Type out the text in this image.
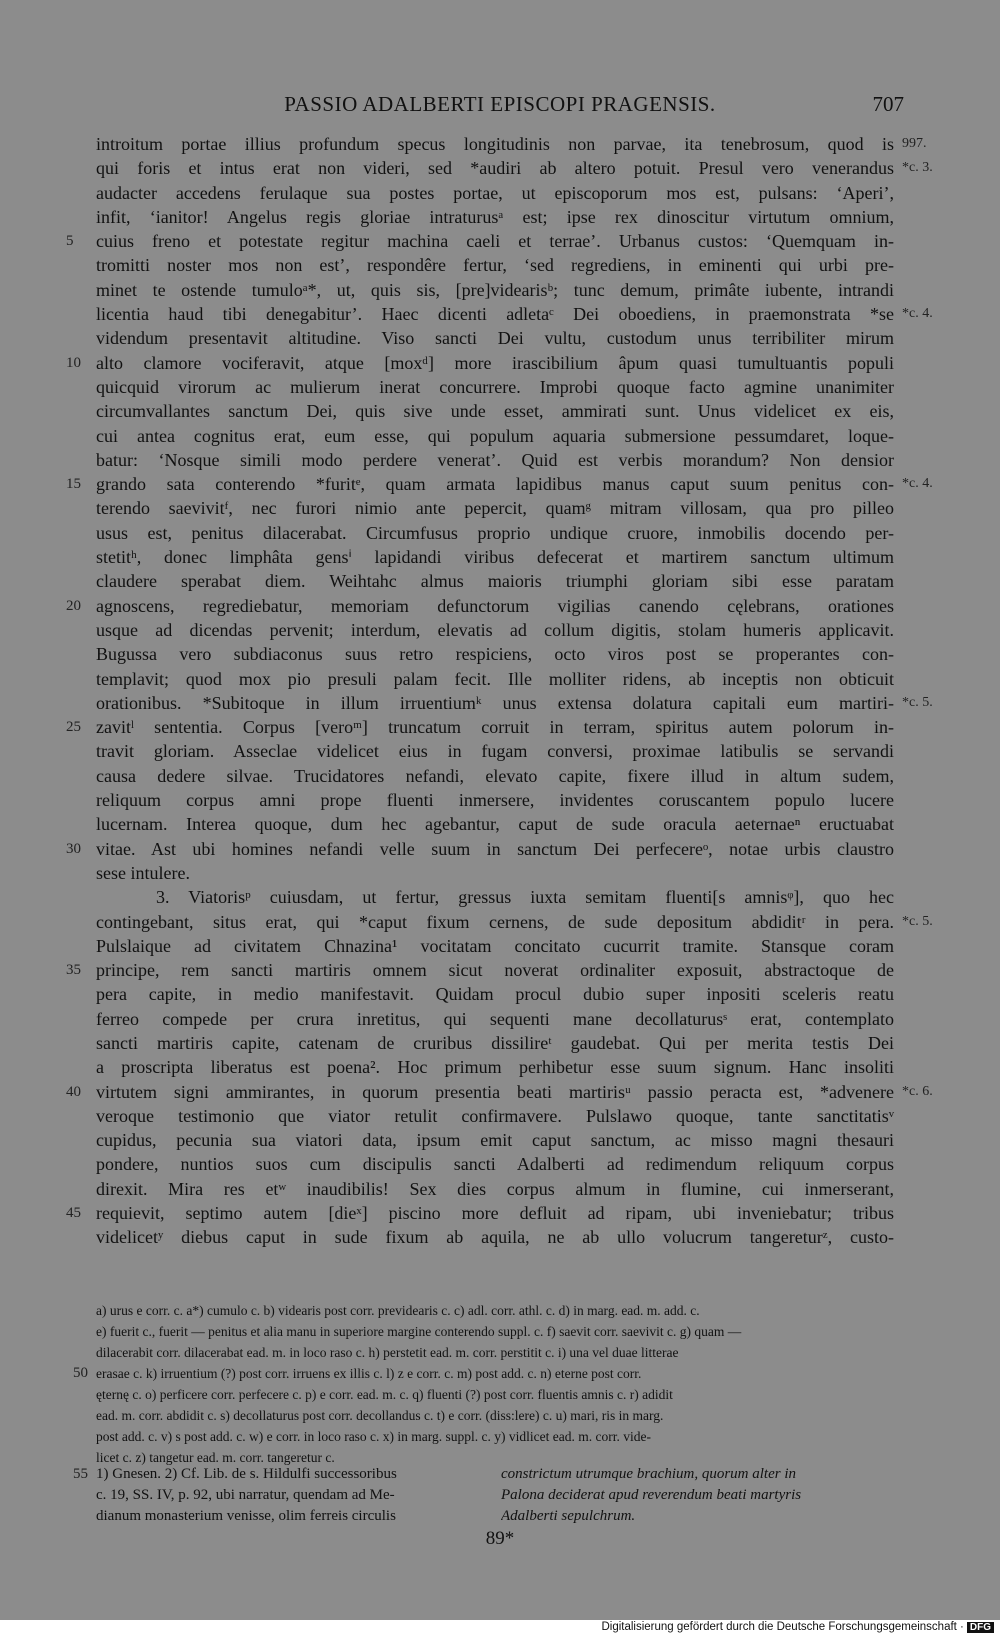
PASSIO ADALBERTI EPISCOPI PRAGENSIS.	707
introitum portae illius profundum specus longitudinis non parvae, ita tenebrosum, quod is 997.
qui foris et intus erat non videri, sed *audiri ab altero potuit. Presul vero venerandus *c. 3.
audacter accedens ferulaque sua postes portae, ut episcoporum mos est, pulsans: ‘Aperi’,
infit, ‘ianitor! Angelus regis gloriae intraturusᵃ est; ipse rex dinoscitur virtutum omnium,
5	cuius freno et potestate regitur machina caeli et terrae’. Urbanus custos: ‘Quemquam in-
tromitti noster mos non est’, respondêre fertur, ‘sed regrediens, in eminenti qui urbi pre-
minet te ostende tumuloᵃ*, ut, quis sis, [pre]videarisᵇ; tunc demum, primâte iubente, intrandi
licentia haud tibi denegabitur’. Haec dicenti adletaᶜ Dei oboediens, in praemonstrata *se *c. 4.
videndum presentavit altitudine. Viso sancti Dei vultu, custodum unus terribiliter mirum
10 alto clamore vociferavit, atque [moxᵈ] more irascibilium âpum quasi tumultuantis populi
quicquid virorum ac mulierum inerat concurrere. Improbi quoque facto agmine unanimiter
circumvallantes sanctum Dei, quis sive unde esset, ammirati sunt. Unus videlicet ex eis,
cui antea cognitus erat, eum esse, qui populum aquaria submersione pessumdaret, loque-
batur: ‘Nosque simili modo perdere venerat’. Quid est verbis morandum? Non densior
15 grando sata conterendo *furitᵉ, quam armata lapidibus manus caput suum penitus con- *c. 4.
terendo saevivitᶠ, nec furori nimio ante pepercit, quamᵍ mitram villosam, qua pro pilleo
usus est, penitus dilacerabat. Circumfusus proprio undique cruore, inmobilis docendo per-
stetitʰ, donec limphâta gensⁱ lapidandi viribus defecerat et martirem sanctum ultimum
claudere sperabat diem. Weihtahc almus maioris triumphi gloriam sibi esse paratam
20 agnoscens, regrediebatur, memoriam defunctorum vigilias canendo cęlebrans, orationes
usque ad dicendas pervenit; interdum, elevatis ad collum digitis, stolam humeris applicavit.
Bugussa vero subdiaconus suus retro respiciens, octo viros post se properantes con-
templavit; quod mox pio presuli palam fecit. Ille molliter ridens, ab inceptis non obticuit
orationibus. *Subitoque in illum irruentiumᵏ unus extensa dolatura capitali eum martiri- *c. 5.
25 zavitˡ sententia. Corpus [veroᵐ] truncatum corruit in terram, spiritus autem polorum in-
travit gloriam. Asseclae videlicet eius in fugam conversi, proximae latibulis se servandi
causa dedere silvae. Trucidatores nefandi, elevato capite, fixere illud in altum sudem,
reliquum corpus amni prope fluenti inmersere, invidentes coruscantem populo lucere
lucernam. Interea quoque, dum hec agebantur, caput de sude oracula aeternaeⁿ eructuabat
30 vitae. Ast ubi homines nefandi velle suum in sanctum Dei perfecereᵒ, notae urbis claustro
sese intulere.
3. Viatorisᵖ cuiusdam, ut fertur, gressus iuxta semitam fluenti[s amnisᵠ], quo hec
contingebant, situs erat, qui *caput fixum cernens, de sude depositum abdiditʳ in pera. *c. 5.
Pulslaique ad civitatem Chnazina¹ vocitatam concitato cucurrit tramite. Stansque coram
35 principe, rem sancti martiris omnem sicut noverat ordinaliter exposuit, abstractoque de
pera capite, in medio manifestavit. Quidam procul dubio super inpositi sceleris reatu
ferreo compede per crura inretitus, qui sequenti mane decollaturusˢ erat, contemplato
sancti martiris capite, catenam de cruribus dissilireᵗ gaudebat. Qui per merita testis Dei
a proscripta liberatus est poena². Hoc primum perhibetur esse suum signum. Hanc insoliti
40 virtutem signi ammirantes, in quorum presentia beati martirisᵘ passio peracta est, *advenere *c. 6.
veroque testimonio que viator retulit confirmavere. Pulslawo quoque, tante sanctitatisᵛ
cupidus, pecunia sua viatori data, ipsum emit caput sanctum, ac misso magni thesauri
pondere, nuntios suos cum discipulis sancti Adalberti ad redimendum reliquum corpus
direxit. Mira res etʷ inaudibilis! Sex dies corpus almum in flumine, cui inmerserant,
45 requievit, septimo autem [dieˣ] piscino more defluit ad ripam, ubi inveniebatur; tribus
videlicetʸ diebus caput in sude fixum ab aquila, ne ab ullo volucrum tangereturᶻ, custo-
a) urus e corr. c. a*) cumulo c. b) videaris post corr. previdearis c. c) adl. corr. athl. c. d) in marg. ead. m. add. c.
e) fuerit c., fuerit — penitus et alia manu in superiore margine conterendo suppl. c. f) saevit corr. saevivit c. g) quam —
dilacerabit corr. dilacerabat ead. m. in loco raso c. h) perstetit ead. m. corr. perstitit c. i) una vel duae litterae
50 erasae c. k) irruentium (?) post corr. irruens ex illis c. l) z e corr. c. m) post add. c. n) eterne post corr.
ęternę c. o) perficere corr. perfecere c. p) e corr. ead. m. c. q) fluenti (?) post corr. fluentis amnis c. r) adidit
ead. m. corr. abdidit c. s) decollaturus post corr. decollandus c. t) e corr. (diss:lere) c. u) mari, ris in marg.
post add. c. v) s post add. c. w) e corr. in loco raso c. x) in marg. suppl. c. y) vidlicet ead. m. corr. vide-
licet c. z) tangetur ead. m. corr. tangeretur c.
55 1) Gnesen. 2) Cf. Lib. de s. Hildulfi successoribus
c. 19, SS. IV, p. 92, ubi narratur, quendam ad Me-
dianum monasterium venisse, olim ferreis circulis
constrictum utrumque brachium, quorum alter in
Palona deciderat apud reverendum beati martyris
Adalberti sepulchrum.
89*
Digitalisierung gefördert durch die Deutsche Forschungsgemeinschaft · DFG
